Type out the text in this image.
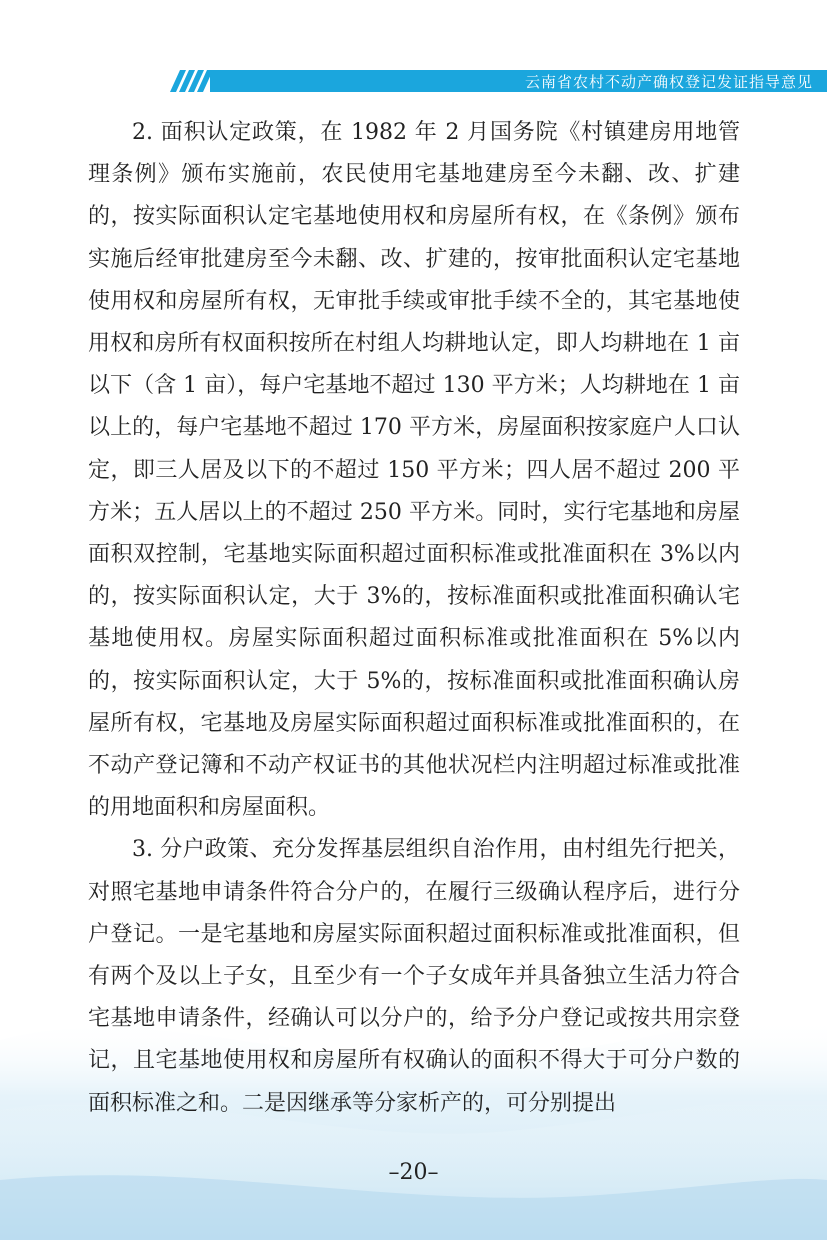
云南省农村不动产确权登记发证指导意见

2. 面积认定政策，在 1982 年 2 月国务院《村镇建房用地管理条例》颁布实施前，农民使用宅基地建房至今未翻、改、扩建的，按实际面积认定宅基地使用权和房屋所有权，在《条例》颁布实施后经审批建房至今未翻、改、扩建的，按审批面积认定宅基地使用权和房屋所有权，无审批手续或审批手续不全的，其宅基地使用权和房所有权面积按所在村组人均耕地认定，即人均耕地在 1 亩以下（含 1 亩），每户宅基地不超过 130 平方米；人均耕地在 1 亩以上的，每户宅基地不超过 170 平方米，房屋面积按家庭户人口认定，即三人居及以下的不超过 150 平方米；四人居不超过 200 平方米；五人居以上的不超过 250 平方米。同时，实行宅基地和房屋面积双控制，宅基地实际面积超过面积标准或批准面积在 3%以内的，按实际面积认定，大于 3%的，按标准面积或批准面积确认宅基地使用权。房屋实际面积超过面积标准或批准面积在 5%以内的，按实际面积认定，大于 5%的，按标准面积或批准面积确认房屋所有权，宅基地及房屋实际面积超过面积标准或批准面积的，在不动产登记簿和不动产权证书的其他状况栏内注明超过标准或批准的用地面积和房屋面积。

3. 分户政策、充分发挥基层组织自治作用，由村组先行把关，对照宅基地申请条件符合分户的，在履行三级确认程序后，进行分户登记。一是宅基地和房屋实际面积超过面积标准或批准面积，但有两个及以上子女，且至少有一个子女成年并具备独立生活力符合宅基地申请条件，经确认可以分户的，给予分户登记或按共用宗登记，且宅基地使用权和房屋所有权确认的面积不得大于可分户数的面积标准之和。二是因继承等分家析产的，可分别提出

–20–
